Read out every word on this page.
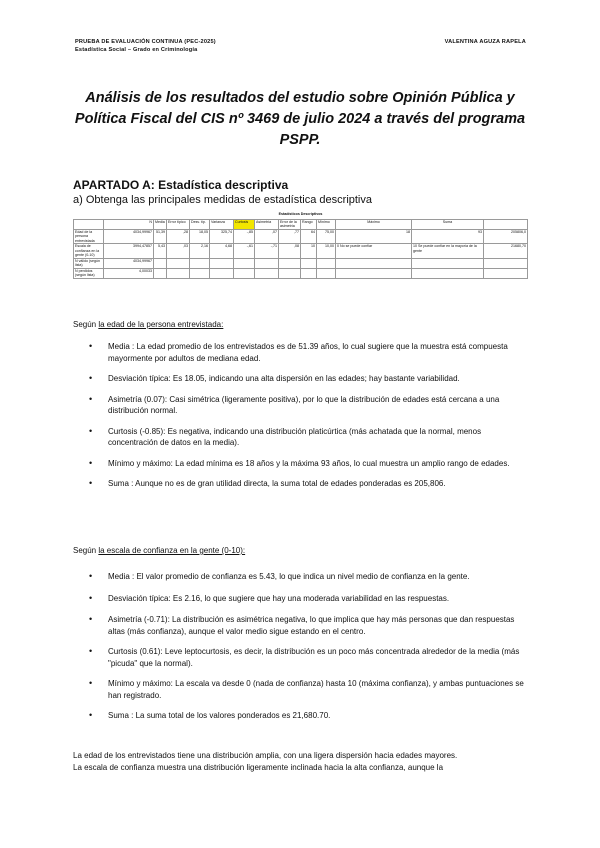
PRUEBA DE EVALUACIÓN CONTINUA (PEC-2025)
Estadística Social – Grado en Criminología
VALENTINA AGUZA RAPELA
Análisis de los resultados del estudio sobre Opinión Pública y Política Fiscal del CIS nº 3469 de julio 2024 a través del programa PSPP.
APARTADO A: Estadística descriptiva
a) Obtenga las principales medidas de estadística descriptiva
Estadísticos Descriptivos													
	N	Media	Error típico	Desv. típ.	Varianza	Curtosis	Asimetría	Error de la asimetría	Rango	Mínimo	Máximo	Suma	
Edad de la persona entrevistada	4034,99967	51,39	,28	18,05	325,74	-,85	,07	,77	64	75,00	18	93	205806,0
Escala de confianza en la gente (0-10)	3994,47857	5,43	,03	2,16	4,68	-,61	-,71	,08	10	10,00	0 No se puede confiar	10 Se puede confiar en la mayoría de la gente	21680,70
N válido (según lista)	4034,99967												
N perdidos (según lista)	4,00033												
Según la edad de la persona entrevistada:
• Media : La edad promedio de los entrevistados es de 51.39 años, lo cual sugiere que la muestra está compuesta mayormente por adultos de mediana edad.
• Desviación típica: Es 18.05, indicando una alta dispersión en las edades; hay bastante variabilidad.
• Asimetría (0.07): Casi simétrica (ligeramente positiva), por lo que la distribución de edades está cercana a una distribución normal.
• Curtosis (-0.85): Es negativa, indicando una distribución platicúrtica (más achatada que la normal, menos concentración de datos en la media).
• Mínimo y máximo: La edad mínima es 18 años y la máxima 93 años, lo cual muestra un amplio rango de edades.
• Suma : Aunque no es de gran utilidad directa, la suma total de edades ponderadas es 205,806.
Según la escala de confianza en la gente (0-10):
• Media : El valor promedio de confianza es 5.43, lo que indica un nivel medio de confianza en la gente.
• Desviación típica: Es 2.16, lo que sugiere que hay una moderada variabilidad en las respuestas.
• Asimetría (-0.71): La distribución es asimétrica negativa, lo que implica que hay más personas que dan respuestas altas (más confianza), aunque el valor medio sigue estando en el centro.
• Curtosis (0.61): Leve leptocurtosis, es decir, la distribución es un poco más concentrada alrededor de la media (más "picuda" que la normal).
• Mínimo y máximo: La escala va desde 0 (nada de confianza) hasta 10 (máxima confianza), y ambas puntuaciones se han registrado.
• Suma : La suma total de los valores ponderados es 21,680.70.
La edad de los entrevistados tiene una distribución amplia, con una ligera dispersión hacia edades mayores.
La escala de confianza muestra una distribución ligeramente inclinada hacia la alta confianza, aunque la
